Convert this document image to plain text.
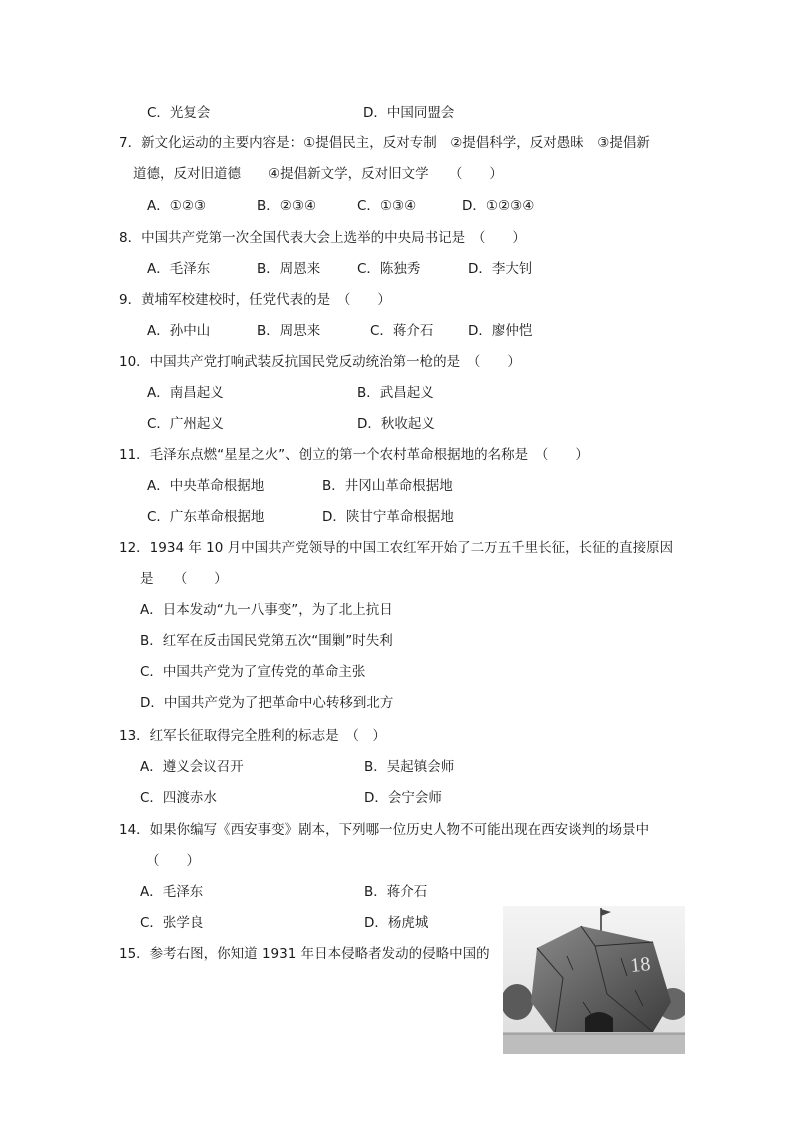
C．光复会	D．中国同盟会
7．新文化运动的主要内容是：①提倡民主，反对专制　②提倡科学，反对愚昧　③提倡新
道德，反对旧道德　　④提倡新文学，反对旧文学　　（　　）
A．①②③	B．②③④	C．①③④	D．①②③④
8．中国共产党第一次全国代表大会上选举的中央局书记是　（　　）
A．毛泽东	B．周恩来	C．陈独秀	D．李大钊
9．黄埔军校建校时，任党代表的是　（　　）
A．孙中山	B．周思来	C．蒋介石	D．廖仲恺
10．中国共产党打响武装反抗国民党反动统治第一枪的是　（　　）
A．南昌起义	B．武昌起义
C．广州起义	D．秋收起义
11．毛泽东点燃“星星之火”、创立的第一个农村革命根据地的名称是　（　　）
A．中央革命根据地	B．井冈山革命根据地
C．广东革命根据地	D．陕甘宁革命根据地
12．1934 年 10 月中国共产党领导的中国工农红军开始了二万五千里长征，长征的直接原因
是　　（　　）
A．日本发动“九一八事变”，为了北上抗日
B．红军在反击国民党第五次“围剿”时失利
C．中国共产党为了宣传党的革命主张
D．中国共产党为了把革命中心转移到北方
13．红军长征取得完全胜利的标志是　（　）
A．遵义会议召开	B．吴起镇会师
C．四渡赤水	D．会宁会师
14．如果你编写《西安事变》剧本，下列哪一位历史人物不可能出现在西安谈判的场景中
（　　）
A．毛泽东	B．蒋介石
C．张学良	D．杨虎城
15．参考右图，你知道 1931 年日本侵略者发动的侵略中国的	18
